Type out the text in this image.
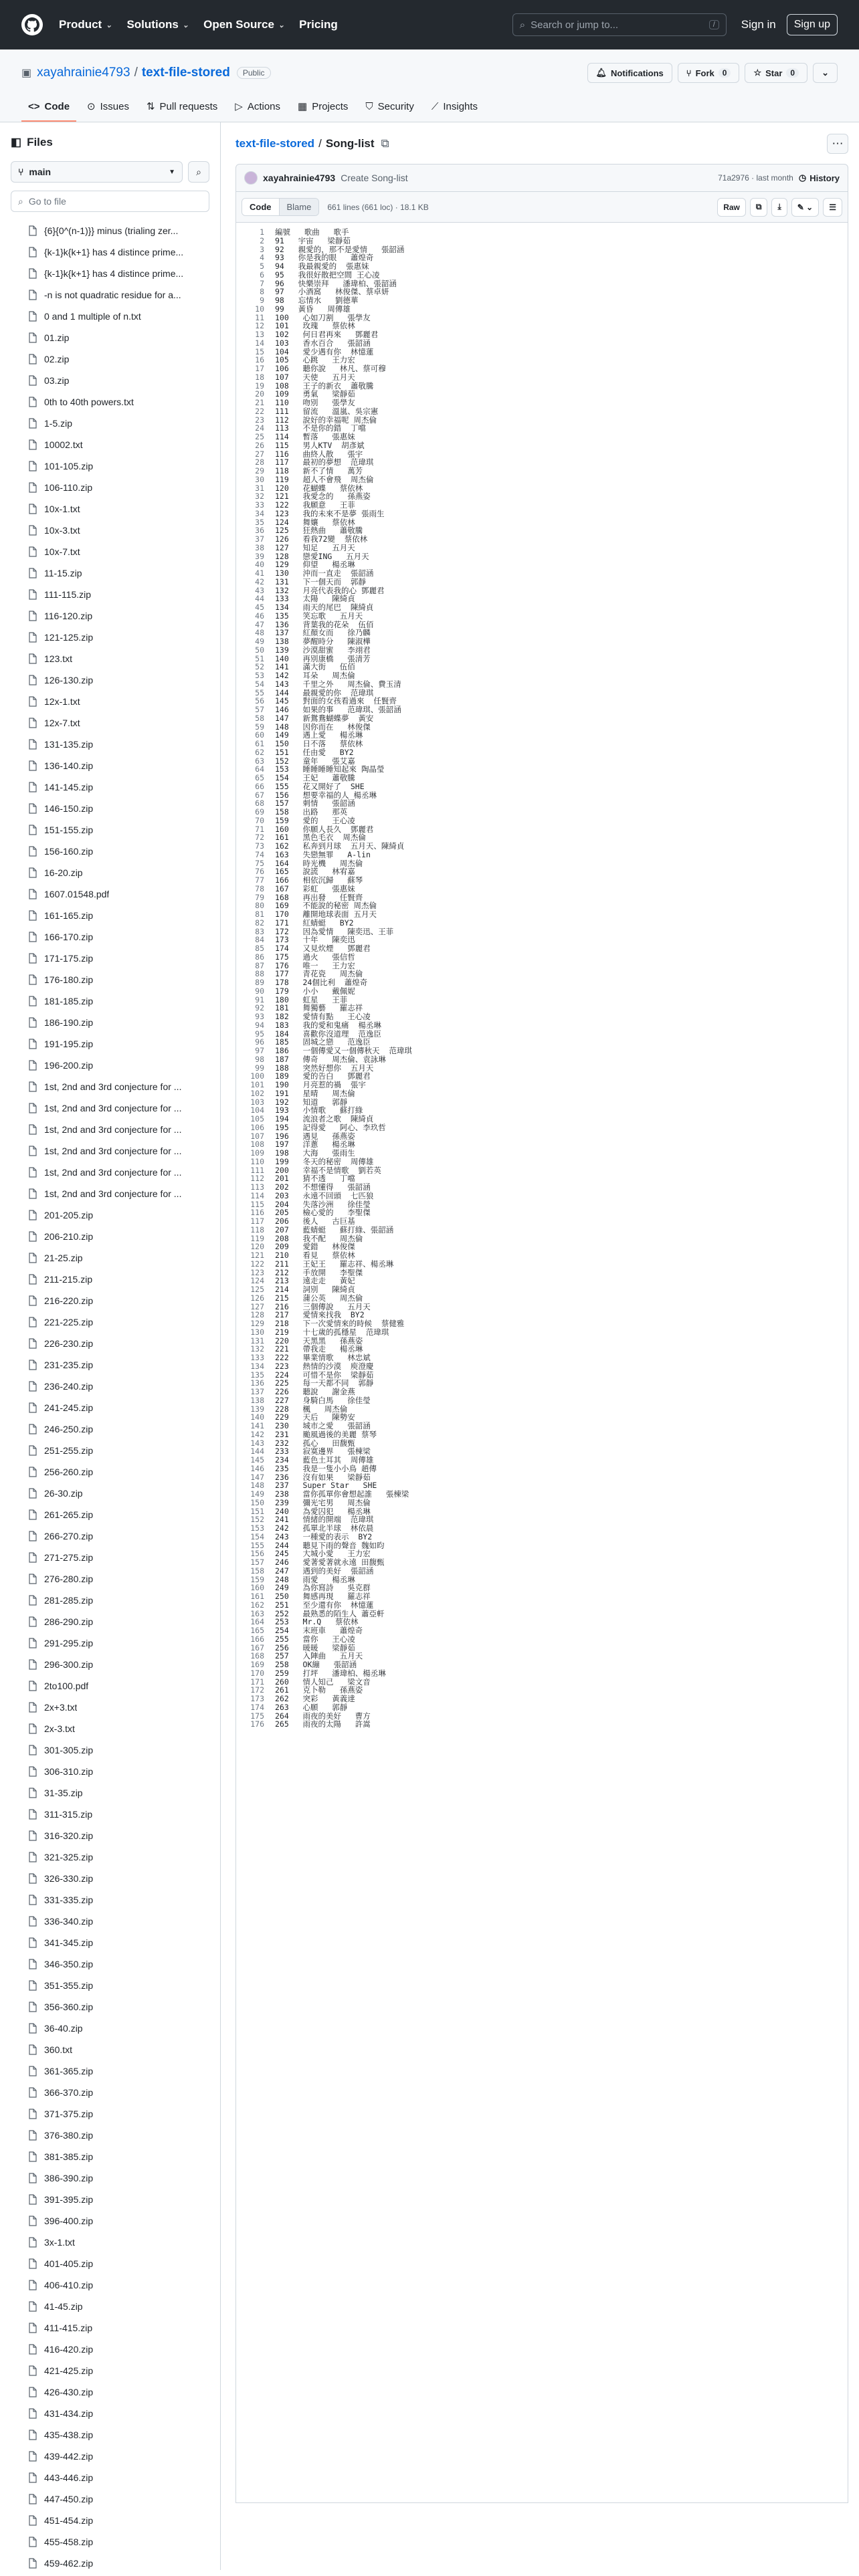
Product ⌄ Solutions ⌄ Open Source ⌄ Pricing	⌕ Search or jump to...	/	Sign in	Sign up
▣ xayahrainie4793 / text-file-stored	Public	🔔︎ Notifications	⑂ Fork	0	☆ Star	0	⌄
<> Code ⊙ Issues ⇅ Pull requests ▷ Actions ▦ Projects ⛉ Security ⟋ Insights
◧ Files
⑂ main	▼ ⌕
⌕ Go to file
{6}{0^(n-1)}} minus (trialing zer...
{k-1}k{k+1} has 4 distince prime...
{k-1}k{k+1} has 4 distince prime...
-n is not quadratic residue for a...
0 and 1 multiple of n.txt
01.zip
02.zip
03.zip
0th to 40th powers.txt
1-5.zip
10002.txt
101-105.zip
106-110.zip
10x-1.txt
10x-3.txt
10x-7.txt
11-15.zip
111-115.zip
116-120.zip
121-125.zip
123.txt
126-130.zip
12x-1.txt
12x-7.txt
131-135.zip
136-140.zip
141-145.zip
146-150.zip
151-155.zip
156-160.zip
16-20.zip
1607.01548.pdf
161-165.zip
166-170.zip
171-175.zip
176-180.zip
181-185.zip
186-190.zip
191-195.zip
196-200.zip
1st, 2nd and 3rd conjecture for ...
1st, 2nd and 3rd conjecture for ...
1st, 2nd and 3rd conjecture for ...
1st, 2nd and 3rd conjecture for ...
1st, 2nd and 3rd conjecture for ...
1st, 2nd and 3rd conjecture for ...
201-205.zip
206-210.zip
21-25.zip
211-215.zip
216-220.zip
221-225.zip
226-230.zip
231-235.zip
236-240.zip
241-245.zip
246-250.zip
251-255.zip
256-260.zip
26-30.zip
261-265.zip
266-270.zip
271-275.zip
276-280.zip
281-285.zip
286-290.zip
291-295.zip
296-300.zip
2to100.pdf
2x+3.txt
2x-3.txt
301-305.zip
306-310.zip
31-35.zip
311-315.zip
316-320.zip
321-325.zip
326-330.zip
331-335.zip
336-340.zip
341-345.zip
346-350.zip
351-355.zip
356-360.zip
36-40.zip
360.txt
361-365.zip
366-370.zip
371-375.zip
376-380.zip
381-385.zip
386-390.zip
391-395.zip
396-400.zip
3x-1.txt
401-405.zip
406-410.zip
41-45.zip
411-415.zip
416-420.zip
421-425.zip
426-430.zip
431-434.zip
435-438.zip
439-442.zip
443-446.zip
447-450.zip
451-454.zip
455-458.zip
459-462.zip
text-file-stored / Song-list ⧉	⋯
xayahrainie4793 Create Song-list	71a2976 · last month ◷ History
Code	Blame	661 lines (661 loc) · 18.1 KB	Raw	⧉ ⤓ ✎
⌄ ☰
1	編號   歌曲   歌手
2	91   宇宙   梁靜茹
3	92   親愛的，那不是愛情   張韶涵
4	93   你是我的眼   蕭煌奇
5	94   我最親愛的  張惠妹
6	95   我很好散把空間 王心凌
7	96   快樂崇拜   潘瑋柏、張韶涵
8	97   小酒窩   林俊傑、蔡卓妍
9	98   忘情水   劉德華
10	99   黃昏   周傳雄
11	100   心如刀割   張學友
12	101   玫瑰   蔡依林
13	102   何日君再來   鄧麗君
14	103   香水百合   張韶涵
15	104   愛少遇有你  林憶蓮
16	105   心跳   王力宏
17	106   聽你說   林凡、蔡可穆
18	107   天使   五月天
19	108   王子的新衣  蕭敬騰
20	109   勇氣   梁靜茹
21	110   吻別   張學友
22	111   留流   溫嵐、吳宗憲
23	112   說好的幸福呢 周杰倫
24	113   不是你的錯  丁噹
25	114   暫落   張惠妹
26	115   男人KTV  胡彥斌
27	116   曲終人散   張宇
28	117   最初的夢想  范瑋琪
29	118   新不了情   萬芳
30	119   超人不會飛  周杰倫
31	120   花蝴蝶   蔡依林
32	121   我愛念的   孫燕姿
33	122   我願意   王菲
34	123   我的未來不是夢 張雨生
35	124   舞孃   蔡依林
36	125   狂熱曲   蕭敬騰
37	126   看我72變  蔡依林
38	127   知足   五月天
39	128   戀愛ING   五月天
40	129   仰望   楊丞琳
41	130   沖而一直走  張韶涵
42	131   下一個天而  郭靜
43	132   月亮代表我的心 鄧麗君
44	133   太陽   陳綺貞
45	134   雨天的尾巴  陳綺貞
46	135   笑忘歌   五月天
47	136   背葉我的花朵  伍佰
48	137   紅顏女而   徐乃麟
49	138   夢醒時分   陳淑樺
50	139   沙漠甜蜜   李翊君
51	140   再別康橋   張清芳
52	141   滿大街   伍佰
53	142   耳朵   周杰倫
54	143   千里之外   周杰倫、費玉清
55	144   最親愛的你  范瑋琪
56	145   對面的女孩看過來  任賢齊
57	146   如果的事   范瑋琪、張韶涵
58	147   新鴛鴦蝴蝶夢  黃安
59	148   因你而在   林俊傑
60	149   遇上愛   楊丞琳
61	150   日不落   蔡依林
62	151   任由愛   BY2
63	152   童年   張艾嘉
64	153   睡睡睡睡知起來 陶晶瑩
65	154   王妃   蕭敬騰
66	155   花又開好了  SHE
67	156   想要幸福的人 楊丞琳
68	157   刺情   張韶涵
69	158   出路   那英
70	159   愛的   王心凌
71	160   你願人長久  鄧麗君
72	161   黑色毛衣  周杰倫
73	162   私奔到月球  五月天、陳綺貞
74	163   失戀無罪   A-lin
75	164   時光機   周杰倫
76	165   說謊   林宥嘉
77	166   相依沉歸   蘇琴
78	167   彩虹   張惠妹
79	168   再出發   任賢齊
80	169   不能說的秘密 周杰倫
81	170   離開地球表面 五月天
82	171   紅蜻蜓   BY2
83	172   因為愛情   陳奕迅、王菲
84	173   十年   陳奕迅
85	174   又見炊煙   鄧麗君
86	175   過火   張信哲
87	176   唯一   王力宏
88	177   青花瓷   周杰倫
89	178   24個比利  蕭煌奇
90	179   小小   戴佩妮
91	180   虹星   王菲
92	181   舞獨藝   羅志祥
93	182   愛情有點   王心凌
94	183   我的愛和鬼痛  楊丞琳
95	184   喜歡你沒道理  范逸臣
96	185   固城之戀   范逸臣
97	186   一個傳愛又一個傳秋天  范瑋琪
98	187   傳奇   周杰倫、袁詠琳
99	188   突然好想你  五月天
100	189   愛的告白   鄧麗君
101	190   月亮惹的禍  張宇
102	191   星晴   周杰倫
103	192   知道   郭靜
104	193   小情歌   蘇打綠
105	194   流浪者之歌  陳綺貞
106	195   記得愛   阿心、李玖哲
107	196   遇見   孫燕姿
108	197   洋蔥   楊丞琳
109	198   大海   張雨生
110	199   冬天的秘密  周傳雄
111	200   幸福不是情歌  劉若英
112	201   猜不透   丁噹
113	202   不想懂得   張韶涵
114	203   永遠不回頭  七匹狼
115	204   失落沙洲   徐佳瑩
116	205   檢心愛的   李聖傑
117	206   後人   古巨基
118	207   藍蜻蜓   蘇打綠、張韶涵
119	208   我不配   周杰倫
120	209   愛錯   林俊傑
121	210   看見   蔡依林
122	211   王妃王   羅志祥、楊丞琳
123	212   手放開   李聖傑
124	213   遠走走   黃妃
125	214   詞別   陳綺貞
126	215   蒲公英   周杰倫
127	216   三個傳說   五月天
128	217   愛情來找我  BY2
129	218   下一次愛情來的時候  蔡健雅
130	219   十七歲的孤穩星  范瑋琪
131	220   天黑黑   孫燕姿
132	221   帶我走   楊丞琳
133	222   畢業情歌   林忠斌
134	223   熱情的沙漠  庾澄慶
135	224   可惜不是你  梁靜茹
136	225   每一天都不同  郭靜
137	226   聽說   謝金燕
138	227   身騎白馬   徐佳瑩
139	228   楓   周杰倫
140	229   天后   陳勢安
141	230   城市之愛   張韶涵
142	231   颱風過後的美麗 蔡琴
143	232   孤心   田馥甄
144	233   寂寞邊界   張棟梁
145	234   藍色土耳其  周傳雄
146	235   我是一隻小小鳥 趙傳
147	236   沒有如果   梁靜茹
148	237   Super Star   SHE
149	238   當你孤單你會想起誰   張棟梁
150	239   彌光宅男   周杰倫
151	240   為愛囚犯   楊丞琳
152	241   情緒的開端  范瑋琪
153	242   孤單北半球  林依晨
154	243   一種愛的表示  BY2
155	244   聽見下雨的聲音 魏如昀
156	245   大城小愛   王力宏
157	246   愛著愛著就永遠 田馥甄
158	247   遇到的美好  張韶涵
159	248   雨愛   楊丞琳
160	249   為你寫詩   吳克群
161	250   舞感再現   羅志祥
162	251   至少還有你  林憶蓮
163	252   最熟悉的陌生人 蕭亞軒
164	253   Mr.Q   蔡依林
165	254   末班車   蕭煌奇
166	255   當你   王心凌
167	256   暖暖   梁靜茹
168	257   入陣曲   五月天
169	258   OK繃   張韶涵
170	259   打坪   潘瑋柏、楊丞琳
171	260   情人知己   梁文音
172	261   克卜勒   孫燕姿
173	262   突彩   黃義達
174	263   心願   郭靜
175	264   雨夜的美好   曹方
176	265   雨夜的太陽   許嵩
